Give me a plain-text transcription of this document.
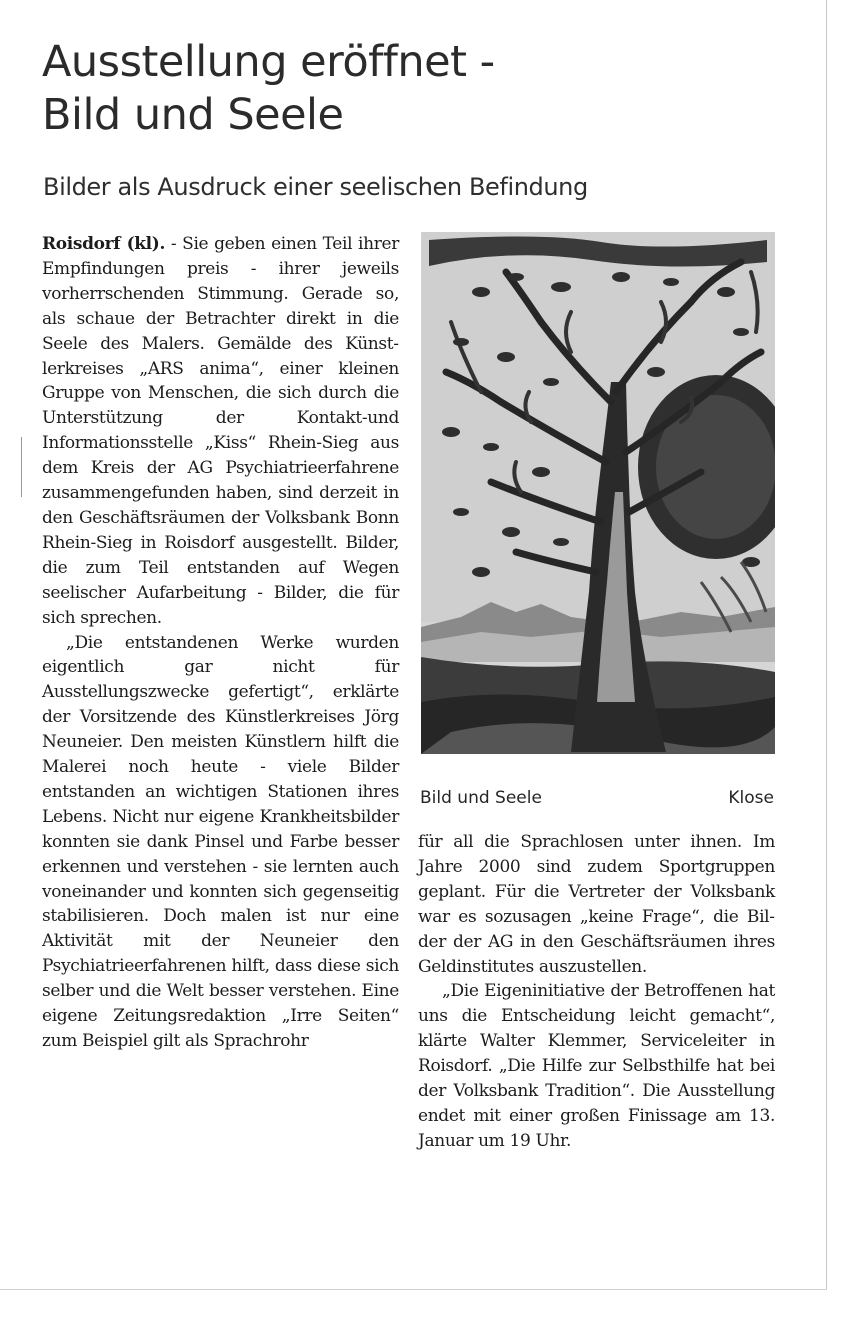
Ausstellung eröffnet -
Bild und Seele
Bilder als Ausdruck einer seelischen Befindung

Roisdorf (kl). - Sie geben einen Teil ihrer Empfindungen preis - ihrer jeweils vorherrschenden Stimmung. Gerade so, als schaue der Betrachter direkt in die Seele des Malers. Gemälde des Künstlerkreises „ARS anima“, einer kleinen Gruppe von Menschen, die sich durch die Unterstützung der Kontakt-und Informationsstelle „Kiss“ Rhein-Sieg aus dem Kreis der AG Psychiatrieerfahrene zusammengefunden haben, sind derzeit in den Geschäftsräumen der Volksbank Bonn Rhein-Sieg in Roisdorf ausgestellt. Bilder, die zum Teil entstanden auf Wegen seelischer Aufarbeitung - Bilder, die für sich sprechen.

„Die entstandenen Werke wurden eigentlich gar nicht für Ausstellungszwecke gefertigt“, erklärte der Vorsitzende des Künstlerkreises Jörg Neuneier. Den meisten Künstlern hilft die Malerei noch heute - viele Bilder entstanden an wichtigen Stationen ihres Lebens. Nicht nur eigene Krankheitsbilder konnten sie dank Pinsel und Farbe besser erkennen und verstehen - sie lernten auch voneinander und konnten sich gegenseitig stabilisieren. Doch malen ist nur eine Aktivität mit der Neuneier den Psychiatrieerfahrenen hilft, dass diese sich selber und die Welt besser verstehen. Eine eigene Zeitungsredaktion „Irre Seiten“ zum Beispiel gilt als Sprachrohr

Bild und Seele	Klose

für all die Sprachlosen unter ihnen. Im Jahre 2000 sind zudem Sportgruppen geplant. Für die Vertreter der Volksbank war es sozusagen „keine Frage“, die Bilder der AG in den Geschäftsräumen ihres Geldinstitutes auszustellen.

„Die Eigeninitiative der Betroffenen hat uns die Entscheidung leicht gemacht“, klärte Walter Klemmer, Serviceleiter in Roisdorf. „Die Hilfe zur Selbsthilfe hat bei der Volksbank Tradition“. Die Ausstellung endet mit einer großen Finissage am 13. Januar um 19 Uhr.
